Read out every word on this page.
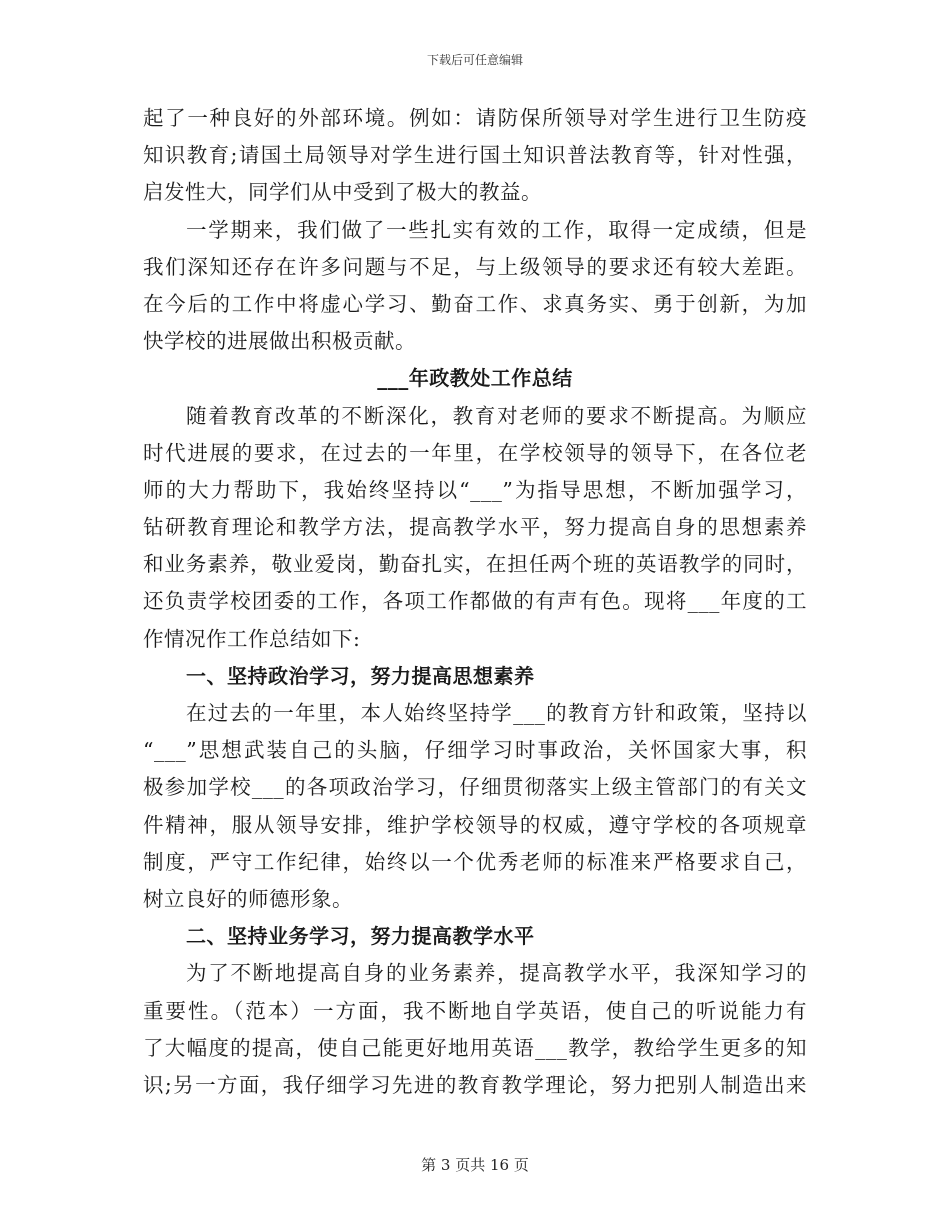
下载后可任意编辑
起了一种良好的外部环境。例如：请防保所领导对学生进行卫生防疫
知识教育;请国土局领导对学生进行国土知识普法教育等，针对性强，
启发性大，同学们从中受到了极大的教益。
一学期来，我们做了一些扎实有效的工作，取得一定成绩，但是
我们深知还存在许多问题与不足，与上级领导的要求还有较大差距。
在今后的工作中将虚心学习、勤奋工作、求真务实、勇于创新，为加
快学校的进展做出积极贡献。
___年政教处工作总结
随着教育改革的不断深化，教育对老师的要求不断提高。为顺应
时代进展的要求，在过去的一年里，在学校领导的领导下，在各位老
师的大力帮助下，我始终坚持以“___”为指导思想，不断加强学习，
钻研教育理论和教学方法，提高教学水平，努力提高自身的思想素养
和业务素养，敬业爱岗，勤奋扎实，在担任两个班的英语教学的同时，
还负责学校团委的工作，各项工作都做的有声有色。现将___年度的工
作情况作工作总结如下:
一、坚持政治学习，努力提高思想素养
在过去的一年里，本人始终坚持学___的教育方针和政策，坚持以
“___”思想武装自己的头脑，仔细学习时事政治，关怀国家大事，积
极参加学校___的各项政治学习，仔细贯彻落实上级主管部门的有关文
件精神，服从领导安排，维护学校领导的权威，遵守学校的各项规章
制度，严守工作纪律，始终以一个优秀老师的标准来严格要求自己，
树立良好的师德形象。
二、坚持业务学习，努力提高教学水平
为了不断地提高自身的业务素养，提高教学水平，我深知学习的
重要性。（范本）一方面，我不断地自学英语，使自己的听说能力有
了大幅度的提高，使自己能更好地用英语___教学，教给学生更多的知
识;另一方面，我仔细学习先进的教育教学理论，努力把别人制造出来
第 3 页共 16 页
